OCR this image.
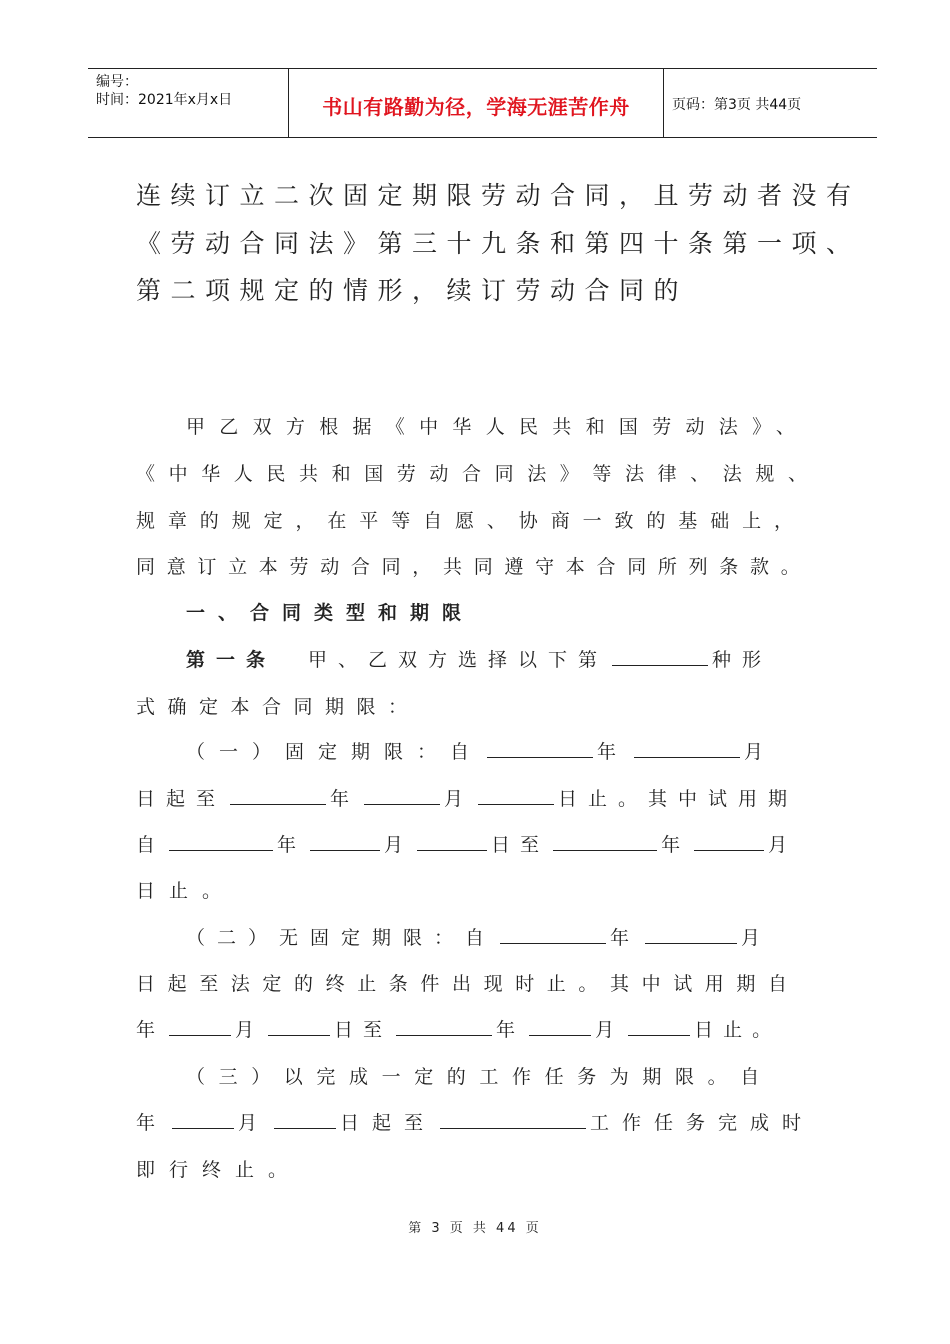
编号：
时间：2021年x月x日	书山有路勤为径，学海无涯苦作舟	页码：第3页 共44页
连续订立二次固定期限劳动合同，且劳动者没有
《劳动合同法》第三十九条和第四十条第一项、
第二项规定的情形，续订劳动合同的
甲乙双方根据《中华人民共和国劳动法》、
《中华人民共和国劳动合同法》等法律、法规、
规章的规定，在平等自愿、协商一致的基础上，
同意订立本劳动合同，共同遵守本合同所列条款。
一、合同类型和期限
第一条 甲、乙双方选择以下第	种形
式确定本合同期限：
（一）固定期限：自	年	月
日起至	年	月	日止。其中试用期
自	年	月	日至	年	月
日止。
（二）无固定期限：自	年	月
日起至法定的终止条件出现时止。其中试用期自
年	月	日至	年	月	日止。
（三）以完成一定的工作任务为期限。自
年	月	日起至	工作任务完成时
即行终止。
第 3 页 共 44 页
